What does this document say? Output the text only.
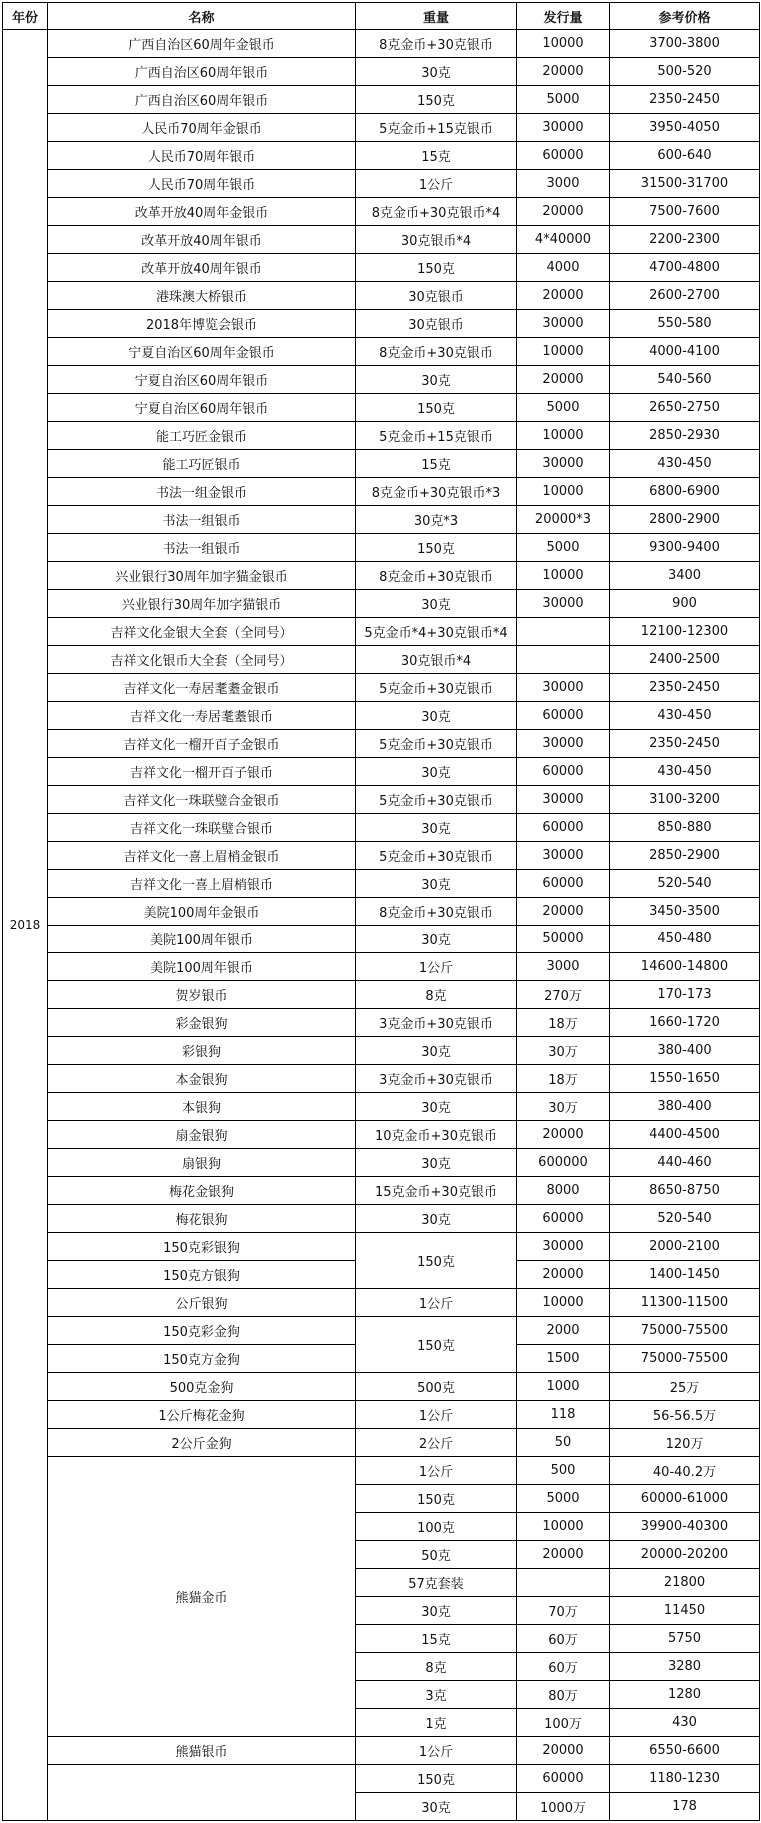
年份	名称	重量	发行量	参考价格
2018	广西自治区60周年金银币	8克金币+30克银币	10000	3700-3800
	广西自治区60周年银币	30克	20000	500-520
	广西自治区60周年银币	150克	5000	2350-2450
	人民币70周年金银币	5克金币+15克银币	30000	3950-4050
	人民币70周年银币	15克	60000	600-640
	人民币70周年银币	1公斤	3000	31500-31700
	改革开放40周年金银币	8克金币+30克银币*4	20000	7500-7600
	改革开放40周年银币	30克银币*4	4*40000	2200-2300
	改革开放40周年银币	150克	4000	4700-4800
	港珠澳大桥银币	30克银币	20000	2600-2700
	2018年博览会银币	30克银币	30000	550-580
	宁夏自治区60周年金银币	8克金币+30克银币	10000	4000-4100
	宁夏自治区60周年银币	30克	20000	540-560
	宁夏自治区60周年银币	150克	5000	2650-2750
	能工巧匠金银币	5克金币+15克银币	10000	2850-2930
	能工巧匠银币	15克	30000	430-450
	书法一组金银币	8克金币+30克银币*3	10000	6800-6900
	书法一组银币	30克*3	20000*3	2800-2900
	书法一组银币	150克	5000	9300-9400
	兴业银行30周年加字猫金银币	8克金币+30克银币	10000	3400
	兴业银行30周年加字猫银币	30克	30000	900
	吉祥文化金银大全套（全同号）	5克金币*4+30克银币*4		12100-12300
	吉祥文化银币大全套（全同号）	30克银币*4		2400-2500
	吉祥文化一寿居耄耋金银币	5克金币+30克银币	30000	2350-2450
	吉祥文化一寿居耄耋银币	30克	60000	430-450
	吉祥文化一榴开百子金银币	5克金币+30克银币	30000	2350-2450
	吉祥文化一榴开百子银币	30克	60000	430-450
	吉祥文化一珠联璧合金银币	5克金币+30克银币	30000	3100-3200
	吉祥文化一珠联璧合银币	30克	60000	850-880
	吉祥文化一喜上眉梢金银币	5克金币+30克银币	30000	2850-2900
	吉祥文化一喜上眉梢银币	30克	60000	520-540
	美院100周年金银币	8克金币+30克银币	20000	3450-3500
	美院100周年银币	30克	50000	450-480
	美院100周年银币	1公斤	3000	14600-14800
	贺岁银币	8克	270万	170-173
	彩金银狗	3克金币+30克银币	18万	1660-1720
	彩银狗	30克	30万	380-400
	本金银狗	3克金币+30克银币	18万	1550-1650
	本银狗	30克	30万	380-400
	扇金银狗	10克金币+30克银币	20000	4400-4500
	扇银狗	30克	600000	440-460
	梅花金银狗	15克金币+30克银币	8000	8650-8750
	梅花银狗	30克	60000	520-540
	150克彩银狗	150克	30000	2000-2100
	150克方银狗		20000	1400-1450
	公斤银狗	1公斤	10000	11300-11500
	150克彩金狗	150克	2000	75000-75500
	150克方金狗		1500	75000-75500
	500克金狗	500克	1000	25万
	1公斤梅花金狗	1公斤	118	56-56.5万
	2公斤金狗	2公斤	50	120万
	熊猫金币	1公斤	500	40-40.2万
		150克	5000	60000-61000
		100克	10000	39900-40300
		50克	20000	20000-20200
		57克套装		21800
		30克	70万	11450
		15克	60万	5750
		8克	60万	3280
		3克	80万	1280
		1克	100万	430
	熊猫银币	1公斤	20000	6550-6600
		150克	60000	1180-1230
		30克	1000万	178
